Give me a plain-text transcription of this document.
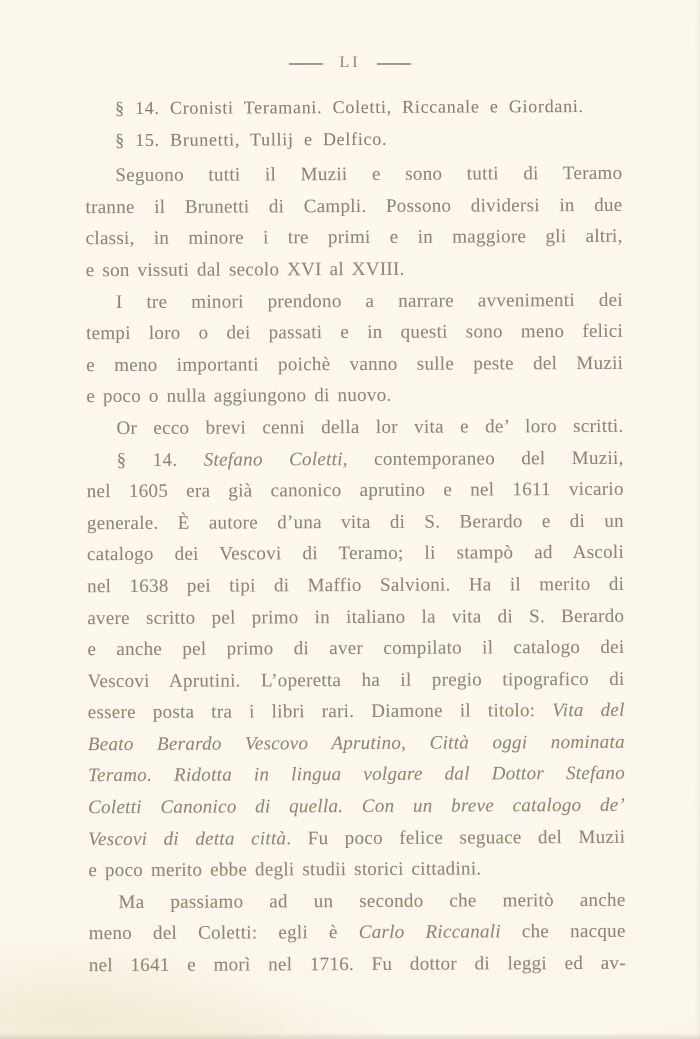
LI
§ 14. Cronisti Teramani. Coletti, Riccanale e Giordani.
§ 15. Brunetti, Tullij e Delfico.
Seguono tutti il Muzii e sono tutti di Teramo
tranne il Brunetti di Campli. Possono dividersi in due
classi, in minore i tre primi e in maggiore gli altri,
e son vissuti dal secolo XVI al XVIII.
I tre minori prendono a narrare avvenimenti dei
tempi loro o dei passati e in questi sono meno felici
e meno importanti poichè vanno sulle peste del Muzii
e poco o nulla aggiungono di nuovo.
Or ecco brevi cenni della lor vita e de’ loro scritti.
§ 14. Stefano Coletti, contemporaneo del Muzii,
nel 1605 era già canonico aprutino e nel 1611 vicario
generale. È autore d’una vita di S. Berardo e di un
catalogo dei Vescovi di Teramo; li stampò ad Ascoli
nel 1638 pei tipi di Maffio Salvioni. Ha il merito di
avere scritto pel primo in italiano la vita di S. Berardo
e anche pel primo di aver compilato il catalogo dei
Vescovi Aprutini. L’operetta ha il pregio tipografico di
essere posta tra i libri rari. Diamone il titolo: Vita del
Beato Berardo Vescovo Aprutino, Città oggi nominata
Teramo. Ridotta in lingua volgare dal Dottor Stefano
Coletti Canonico di quella. Con un breve catalogo de’
Vescovi di detta città. Fu poco felice seguace del Muzii
e poco merito ebbe degli studii storici cittadini.
Ma passiamo ad un secondo che meritò anche
meno del Coletti: egli è Carlo Riccanali che nacque
nel 1641 e morì nel 1716. Fu dottor di leggi ed av-
